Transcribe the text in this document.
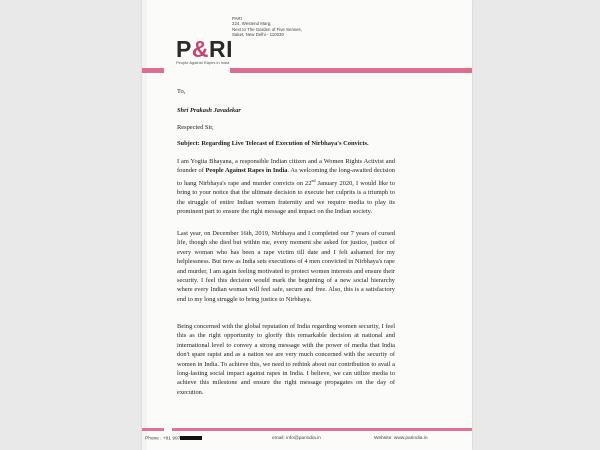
P&RI
People Against Rapes in India
PARI
224, Westend Marg,
Next to The Garden of Five Senses,
Saket, New Delhi - 110030
To,
Shri Prakash Javadekar
Respected Sir,
Subject: Regarding Live Telecast of Execution of Nirbhaya's Convicts.
I am Yogita Bhayana, a responsible Indian citizen and a Women Rights Activist and founder of People Against Rapes in India. As welcoming the long-awaited decision to hang Nirbhaya's rape and murder convicts on 22nd January 2020, I would like to bring to your notice that the ultimate decision to execute her culprits is a triumph to the struggle of entire Indian women fraternity and we require media to play its prominent part to ensure the right message and impact on the Indian society.
Last year, on December 16th, 2019, Nirbhaya and I completed our 7 years of cursed life, though she died but within me, every moment she asked for justice, justice of every woman who has been a rape victim till date and I felt ashamed for my helplessness. But now as India sets executions of 4 men convicted in Nirbhaya's rape and murder, I am again feeling motivated to protect women interests and ensure their security. I feel this decision would mark the beginning of a new social hierarchy where every Indian woman will feel safe, secure and free. Also, this is a satisfactory end to my long struggle to bring justice to Nirbhaya.
Being concerned with the global reputation of India regarding women security, I feel this as the right opportunity to glorify this remarkable decision at national and international level to convey a strong message with the power of media that India don't spare rapist and as a nation we are very much concerned with the security of women in India. To achieve this, we need to rethink about our contribution to avail a long-lasting social impact against rapes in India. I believe, we can utilize media to achieve this milestone and ensure the right message propagates on the day of execution.
Phone : +91 997	email: info@parindia.in	Website: www.parindia.in
